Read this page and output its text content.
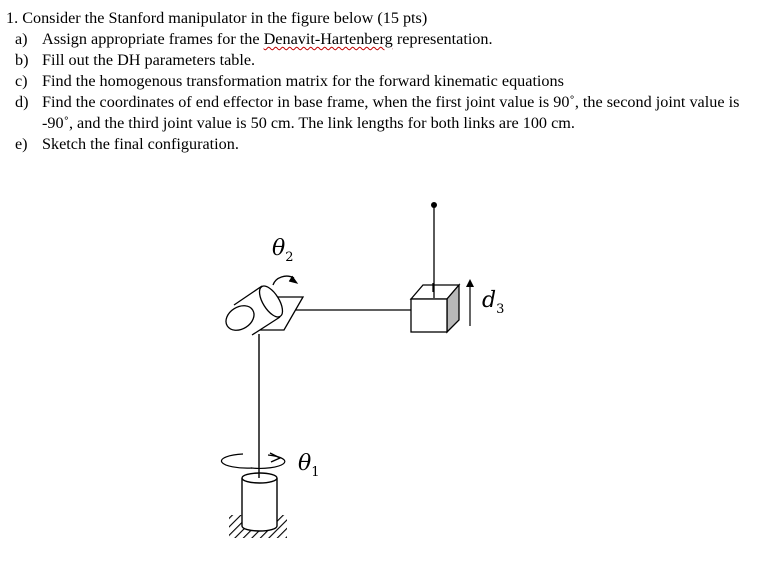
1. Consider the Stanford manipulator in the figure below (15 pts)

a) Assign appropriate frames for the Denavit-Hartenberg representation.
b) Fill out the DH parameters table.
c) Find the homogenous transformation matrix for the forward kinematic equations
d) Find the coordinates of end effector in base frame, when the first joint value is 90˚, the second joint value is -90˚, and the third joint value is 50 cm. The link lengths for both links are 100 cm.
e) Sketch the final configuration.
$\theta_1$
$\theta_2$
$d_3$
